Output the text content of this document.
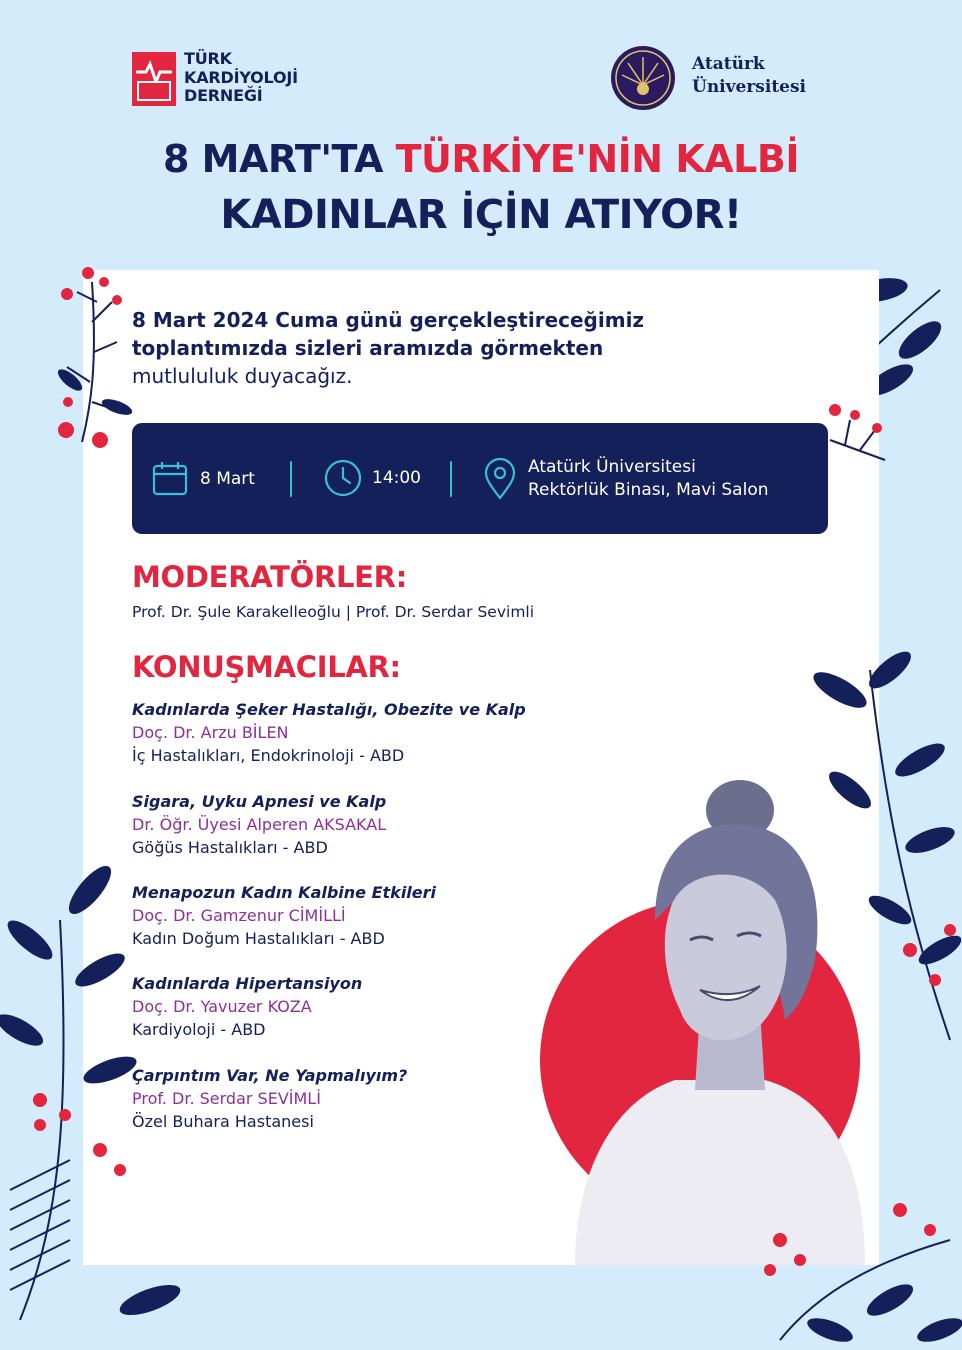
TÜRK
KARDİYOLOJİ
DERNEĞİ
Atatürk
Üniversitesi
8 MART'TA TÜRKİYE'NİN KALBİ
KADINLAR İÇİN ATIYOR!
8 Mart 2024 Cuma günü gerçekleştireceğimiz
toplantımızda sizleri aramızda görmekten
mutlululuk duyacağız.
8 Mart	14:00
Atatürk Üniversitesi
Rektörlük Binası, Mavi Salon
MODERATÖRLER:
Prof. Dr. Şule Karakelleoğlu | Prof. Dr. Serdar Sevimli
KONUŞMACILAR:
Kadınlarda Şeker Hastalığı, Obezite ve Kalp
Doç. Dr. Arzu BİLEN
İç Hastalıkları, Endokrinoloji - ABD
Sigara, Uyku Apnesi ve Kalp
Dr. Öğr. Üyesi Alperen AKSAKAL
Göğüs Hastalıkları - ABD
Menapozun Kadın Kalbine Etkileri
Doç. Dr. Gamzenur CİMİLLİ
Kadın Doğum Hastalıkları - ABD
Kadınlarda Hipertansiyon
Doç. Dr. Yavuzer KOZA
Kardiyoloji - ABD
Çarpıntım Var, Ne Yapmalıyım?
Prof. Dr. Serdar SEVİMLİ
Özel Buhara Hastanesi
